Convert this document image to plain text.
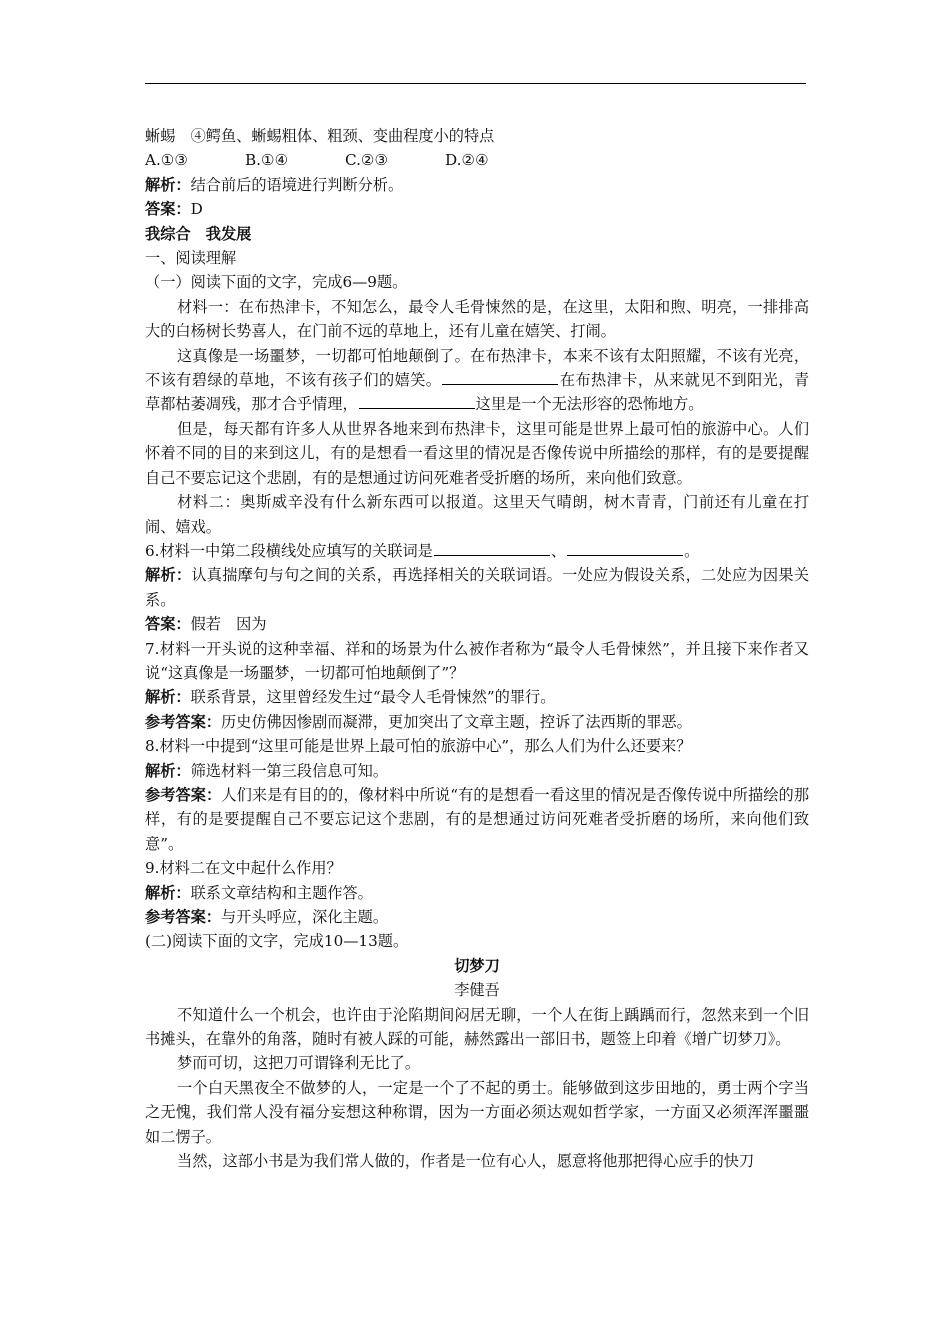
蜥蜴　④鳄鱼、蜥蜴粗体、粗颈、变曲程度小的特点

A.①③	B.①④	C.②③	D.②④

解析：结合前后的语境进行判断分析。

答案：D

我综合　我发展

一、阅读理解

（一）阅读下面的文字，完成6—9题。

材料一：在布热津卡，不知怎么，最令人毛骨悚然的是，在这里，太阳和煦、明亮，一排排高大的白杨树长势喜人，在门前不远的草地上，还有儿童在嬉笑、打闹。

这真像是一场噩梦，一切都可怕地颠倒了。在布热津卡，本来不该有太阳照耀，不该有光亮，不该有碧绿的草地，不该有孩子们的嬉笑。	在布热津卡，从来就见不到阳光，青草都枯萎凋残，那才合乎情理，	这里是一个无法形容的恐怖地方。

但是，每天都有许多人从世界各地来到布热津卡，这里可能是世界上最可怕的旅游中心。人们怀着不同的目的来到这儿，有的是想看一看这里的情况是否像传说中所描绘的那样，有的是要提醒自己不要忘记这个悲剧，有的是想通过访问死难者受折磨的场所，来向他们致意。

材料二：奥斯威辛没有什么新东西可以报道。这里天气晴朗，树木青青，门前还有儿童在打闹、嬉戏。

6.材料一中第二段横线处应填写的关联词是	、	。

解析：认真揣摩句与句之间的关系，再选择相关的关联词语。一处应为假设关系，二处应为因果关系。

答案：假若　因为

7.材料一开头说的这种幸福、祥和的场景为什么被作者称为“最令人毛骨悚然”，并且接下来作者又说“这真像是一场噩梦，一切都可怕地颠倒了”？

解析：联系背景，这里曾经发生过“最令人毛骨悚然”的罪行。

参考答案：历史仿佛因惨剧而凝滞，更加突出了文章主题，控诉了法西斯的罪恶。

8.材料一中提到“这里可能是世界上最可怕的旅游中心”，那么人们为什么还要来？

解析：筛选材料一第三段信息可知。

参考答案：人们来是有目的的，像材料中所说“有的是想看一看这里的情况是否像传说中所描绘的那样，有的是要提醒自己不要忘记这个悲剧，有的是想通过访问死难者受折磨的场所，来向他们致意”。

9.材料二在文中起什么作用？

解析：联系文章结构和主题作答。

参考答案：与开头呼应，深化主题。

(二)阅读下面的文字，完成10—13题。

切梦刀

李健吾

不知道什么一个机会，也许由于沦陷期间闷居无聊，一个人在街上踽踽而行，忽然来到一个旧书摊头，在靠外的角落，随时有被人踩的可能，赫然露出一部旧书，题签上印着《增广切梦刀》。

梦而可切，这把刀可谓锋利无比了。

一个白天黑夜全不做梦的人，一定是一个了不起的勇士。能够做到这步田地的，勇士两个字当之无愧，我们常人没有福分妄想这种称谓，因为一方面必须达观如哲学家，一方面又必须浑浑噩噩如二愣子。

当然，这部小书是为我们常人做的，作者是一位有心人，愿意将他那把得心应手的快刀
